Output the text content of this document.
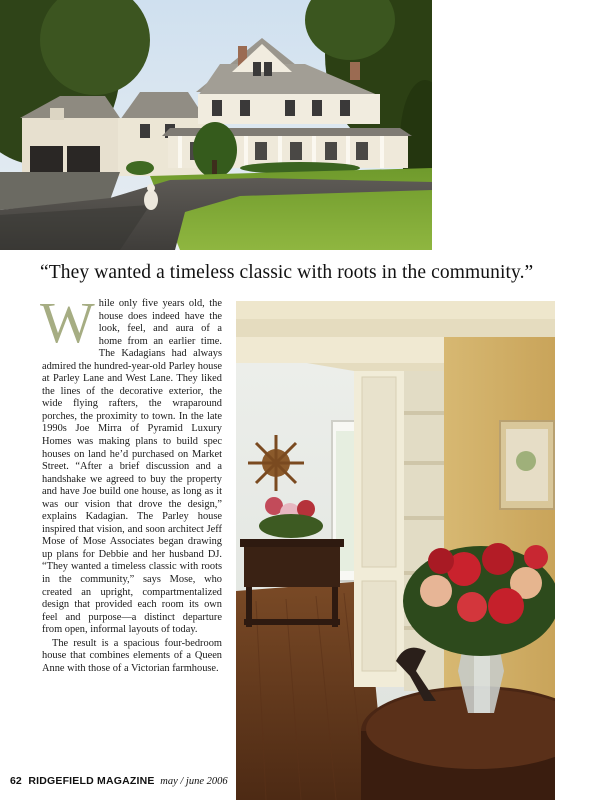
“They wanted a timeless classic with roots in the community.”
W hile only five years old, the house does indeed have the look, feel, and aura of a home from an earlier time. The Kadagians had always admired the hundred-year-old Parley house at Parley Lane and West Lane. They liked the lines of the decorative exterior, the wide flying rafters, the wraparound porches, the proximity to town. In the late 1990s Joe Mirra of Pyramid Luxury Homes was making plans to build spec houses on land he’d purchased on Market Street. “After a brief discussion and a handshake we agreed to buy the property and have Joe build one house, as long as it was our vision that drove the design,” explains Kadagian. The Parley house inspired that vision, and soon architect Jeff Mose of Mose Associates began drawing up plans for Debbie and her husband DJ. “They wanted a timeless classic with roots in the community,” says Mose, who created an upright, compartmentalized design that provided each room its own feel and purpose—a distinct departure from open, informal layouts of today.

The result is a spacious four-bedroom house that combines elements of a Queen Anne with those of a Victorian farmhouse.

62 RIDGEFIELD MAGAZINE may / june 2006
